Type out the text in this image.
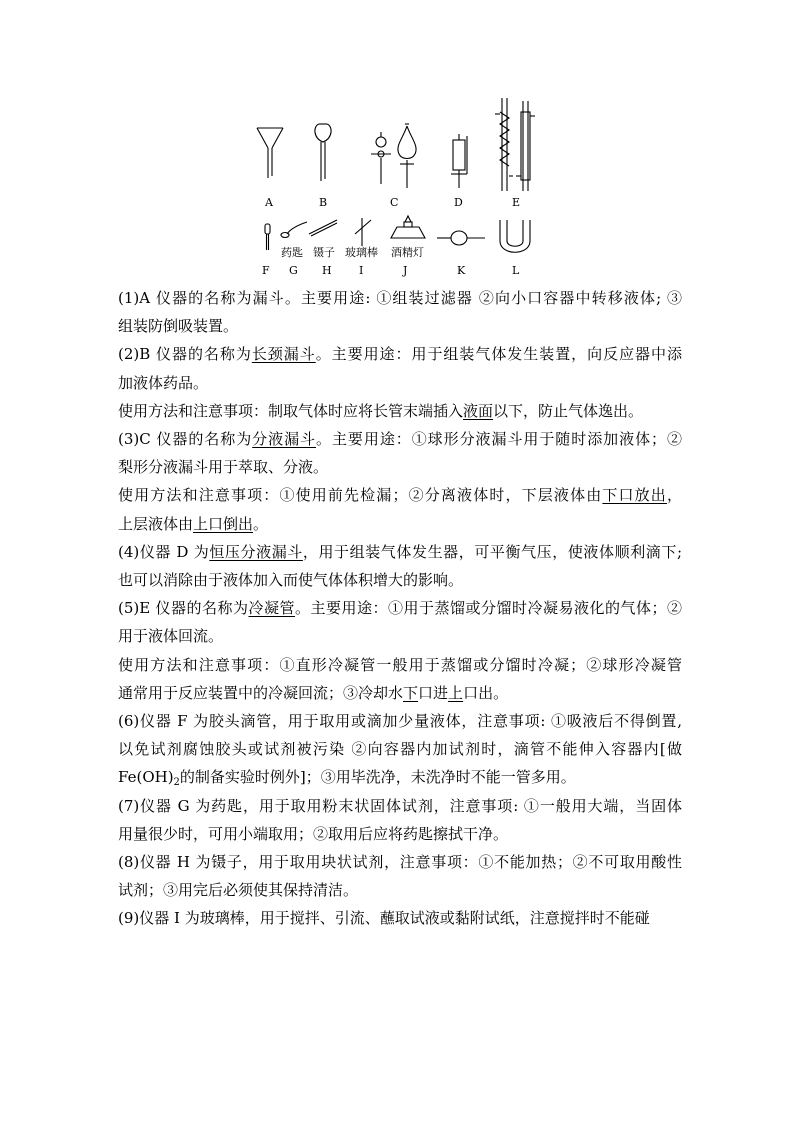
A	B	C	D	E
药匙 镊子 玻璃棒 酒精灯
F G H I	J	K	L

(1)A 仪器的名称为漏斗。主要用途: ①组装过滤器 ②向小口容器中转移液体; ③

组装防倒吸装置。

(2)B 仪器的名称为长颈漏斗。主要用途：用于组装气体发生装置，向反应器中添

加液体药品。

使用方法和注意事项：制取气体时应将长管末端插入液面以下，防止气体逸出。

(3)C 仪器的名称为分液漏斗。主要用途：①球形分液漏斗用于随时添加液体；②

梨形分液漏斗用于萃取、分液。

使用方法和注意事项：①使用前先检漏；②分离液体时，下层液体由下口放出，

上层液体由上口倒出。

(4)仪器 D 为恒压分液漏斗，用于组装气体发生器，可平衡气压，使液体顺利滴下;

也可以消除由于液体加入而使气体体积增大的影响。

(5)E 仪器的名称为冷凝管。主要用途：①用于蒸馏或分馏时冷凝易液化的气体；②

用于液体回流。

使用方法和注意事项：①直形冷凝管一般用于蒸馏或分馏时冷凝；②球形冷凝管

通常用于反应装置中的冷凝回流；③冷却水下口进上口出。

(6)仪器 F 为胶头滴管，用于取用或滴加少量液体，注意事项: ①吸液后不得倒置,

以免试剂腐蚀胶头或试剂被污染 ②向容器内加试剂时，滴管不能伸入容器内[做

$Fe(OH)_2$的制备实验时例外]；③用毕洗净，未洗净时不能一管多用。

(7)仪器 G 为药匙，用于取用粉末状固体试剂，注意事项: ①一般用大端，当固体

用量很少时，可用小端取用；②取用后应将药匙擦拭干净。

(8)仪器 H 为镊子，用于取用块状试剂，注意事项：①不能加热；②不可取用酸性

试剂；③用完后必须使其保持清洁。

(9)仪器 I 为玻璃棒，用于搅拌、引流、蘸取试液或黏附试纸，注意搅拌时不能碰
